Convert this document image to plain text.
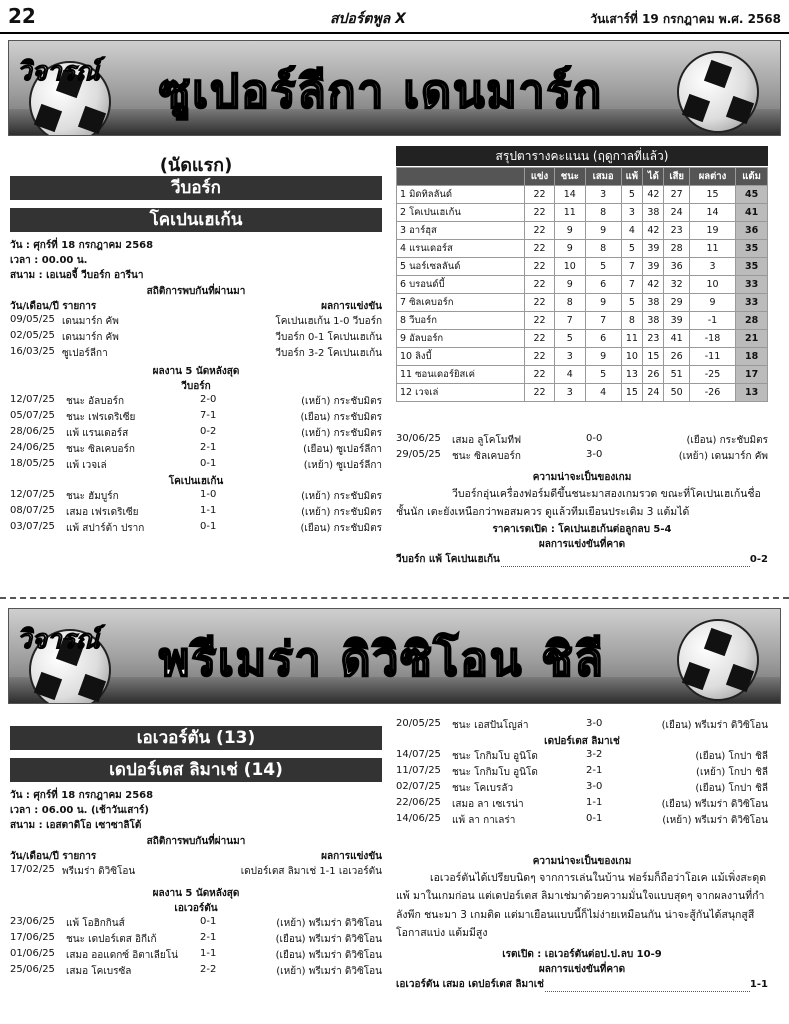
22	สปอร์ตพูล X	วันเสาร์ที่ 19 กรกฎาคม พ.ศ. 2568
วิจารณ์ ซูเปอร์ลีกา เดนมาร์ก
(นัดแรก)
วีบอร์ก
โคเปนเฮเก้น
วัน : ศุกร์ที่ 18 กรกฎาคม 2568
เวลา : 00.00 น.
สนาม : เอเนอจี้ วีบอร์ก อารีนา
สถิติการพบกันที่ผ่านมา
วัน/เดือน/ปี รายการ	ผลการแข่งขัน
09/05/25 เดนมาร์ก คัพ	โคเปนเฮเก้น 1-0 วีบอร์ก
02/05/25 เดนมาร์ก คัพ	วีบอร์ก 0-1 โคเปนเฮเก้น
16/03/25 ซูเปอร์ลีกา	วีบอร์ก 3-2 โคเปนเฮเก้น
ผลงาน 5 นัดหลังสุด
วีบอร์ก
12/07/25 ชนะ อัลบอร์ก	2-0	(เหย้า) กระชับมิตร
05/07/25 ชนะ เฟรเดริเซีย	7-1	(เยือน) กระชับมิตร
28/06/25 แพ้ แรนเดอร์ส	0-2	(เหย้า) กระชับมิตร
24/06/25 ชนะ ซิลเคบอร์ก	2-1	(เยือน) ซูเปอร์ลีกา
18/05/25 แพ้ เวจเล่	0-1	(เหย้า) ซูเปอร์ลีกา
โคเปนเฮเก้น
12/07/25 ชนะ ฮัมบูร์ก	1-0	(เหย้า) กระชับมิตร
08/07/25 เสมอ เฟรเดริเซีย	1-1	(เหย้า) กระชับมิตร
03/07/25 แพ้ สปาร์ต้า ปราก	0-1	(เยือน) กระชับมิตร
สรุปตารางคะแนน (ฤดูกาลที่แล้ว)
	แข่ง	ชนะ	เสมอ	แพ้	ได้	เสีย	ผลต่าง	แต้ม
1 มิดทิลลันด์	22	14	3	5	42	27	15	45
2 โคเปนเฮเก้น	22	11	8	3	38	24	14	41
3 อาร์ฮุส	22	9	9	4	42	23	19	36
4 แรนเดอร์ส	22	9	8	5	39	28	11	35
5 นอร์เซลลันด์	22	10	5	7	39	36	3	35
6 บรอนด์บี้	22	9	6	7	42	32	10	33
7 ซิลเคบอร์ก	22	8	9	5	38	29	9	33
8 วีบอร์ก	22	7	7	8	38	39	-1	28
9 อัลบอร์ก	22	5	6	11	23	41	-18	21
10 ลิงบี้	22	3	9	10	15	26	-11	18
11 ซอนเดอร์ยิสเค่	22	4	5	13	26	51	-25	17
12 เวจเล่	22	3	4	15	24	50	-26	13
30/06/25 เสมอ ลูโคโมทีฟ	0-0	(เยือน) กระชับมิตร
29/05/25 ชนะ ซิลเคบอร์ก	3-0	(เหย้า) เดนมาร์ก คัพ
ความน่าจะเป็นของเกม
วีบอร์กอุ่นเครื่องฟอร์มดีขึ้นชนะมาสองเกมรวด ขณะที่โคเปนเฮเก้นชื่อชั้นนัก เตะยังเหนือกว่าพอสมควร ดูแล้วทีมเยือนประเดิม 3 แต้มได้
ราคาเรตเปิด : โคเปนเฮเก้นต่อลูกลบ 5-4
ผลการแข่งขันที่คาด
วีบอร์ก แพ้ โคเปนเฮเก้น	0-2
วิจารณ์ พรีเมร่า ดิวิซิโอน ชิลี
เอเวอร์ตัน (13)
เดปอร์เตส ลิมาเช่ (14)
วัน : ศุกร์ที่ 18 กรกฎาคม 2568
เวลา : 06.00 น. (เช้าวันเสาร์)
สนาม : เอสตาดิโอ เซาซาลิโต้
สถิติการพบกันที่ผ่านมา
วัน/เดือน/ปี รายการ	ผลการแข่งขัน
17/02/25 พรีเมร่า ดิวิซิโอน	เดปอร์เตส ลิมาเช่ 1-1 เอเวอร์ตัน
ผลงาน 5 นัดหลังสุด
เอเวอร์ตัน
23/06/25 แพ้ โอฮิกกินส์	0-1	(เหย้า) พรีเมร่า ดิวิซิโอน
17/06/25 ชนะ เดปอร์เตส อิกีเก้	2-1	(เยือน) พรีเมร่า ดิวิซิโอน
01/06/25 เสมอ ออแดกซ์ อิตาเลียโน่ 1-1	(เยือน) พรีเมร่า ดิวิซิโอน
25/06/25 เสมอ โคเบรซัล	2-2	(เหย้า) พรีเมร่า ดิวิซิโอน
20/05/25 ชนะ เอสปันโญล่า	3-0	(เยือน) พรีเมร่า ดิวิซิโอน
เดปอร์เตส ลิมาเช่
14/07/25 ชนะ โกกิมโบ อูนิโด	3-2	(เยือน) โกปา ชิลี
11/07/25 ชนะ โกกิมโบ อูนิโด	2-1	(เหย้า) โกปา ชิลี
02/07/25 ชนะ โคเบรลัว	3-0	(เยือน) โกปา ชิลี
22/06/25 เสมอ ลา เซเรน่า	1-1	(เยือน) พรีเมร่า ดิวิซิโอน
14/06/25 แพ้ ลา กาเลร่า	0-1	(เหย้า) พรีเมร่า ดิวิซิโอน
ความน่าจะเป็นของเกม
เอเวอร์ตันได้เปรียบนิดๆ จากการเล่นในบ้าน ฟอร์มก็ถือว่าโอเค แม้เพิ่งสะดุดแพ้ มาในเกมก่อน แต่เดปอร์เตส ลิมาเช่มาด้วยความมั่นใจแบบสุดๆ จากผลงานที่กำลังพีก ชนะมา 3 เกมติด แต่มาเยือนแบบนี้ก็ไม่ง่ายเหมือนกัน น่าจะสู้กันได้สนุกสูสี โอกาสแบ่ง แต้มมีสูง
เรตเปิด : เอเวอร์ตันต่อป.ป.ลบ 10-9
ผลการแข่งขันที่คาด
เอเวอร์ตัน เสมอ เดปอร์เตส ลิมาเช่	1-1
